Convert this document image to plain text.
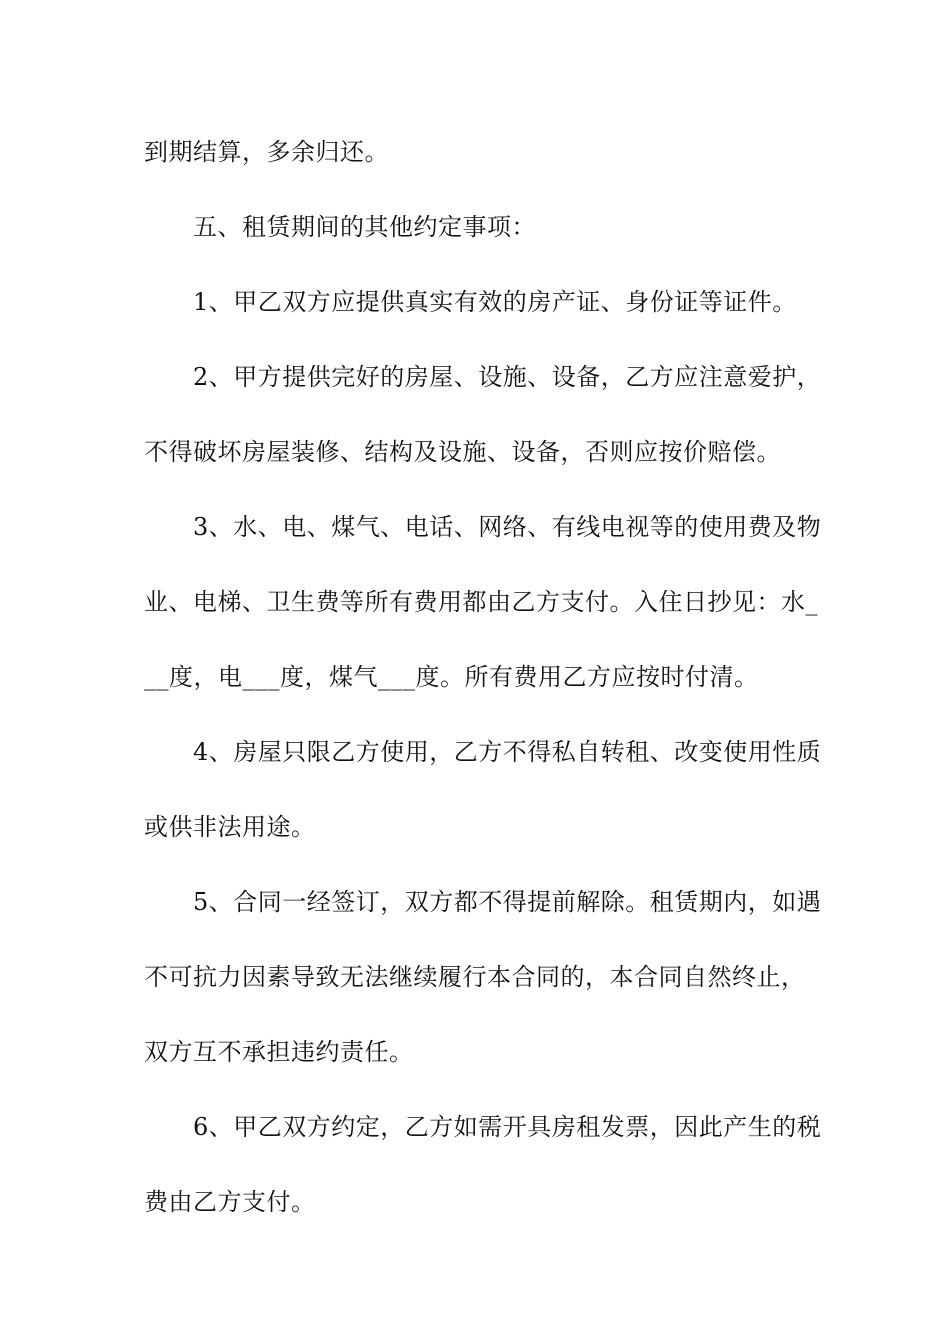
到期结算，多余归还。
五、租赁期间的其他约定事项：
1、甲乙双方应提供真实有效的房产证、身份证等证件。
2、甲方提供完好的房屋、设施、设备，乙方应注意爱护，
不得破坏房屋装修、结构及设施、设备，否则应按价赔偿。
3、水、电、煤气、电话、网络、有线电视等的使用费及物
业、电梯、卫生费等所有费用都由乙方支付。入住日抄见：水_
__度，电___度，煤气___度。所有费用乙方应按时付清。
4、房屋只限乙方使用，乙方不得私自转租、改变使用性质
或供非法用途。
5、合同一经签订，双方都不得提前解除。租赁期内，如遇
不可抗力因素导致无法继续履行本合同的，本合同自然终止，
双方互不承担违约责任。
6、甲乙双方约定，乙方如需开具房租发票，因此产生的税
费由乙方支付。
